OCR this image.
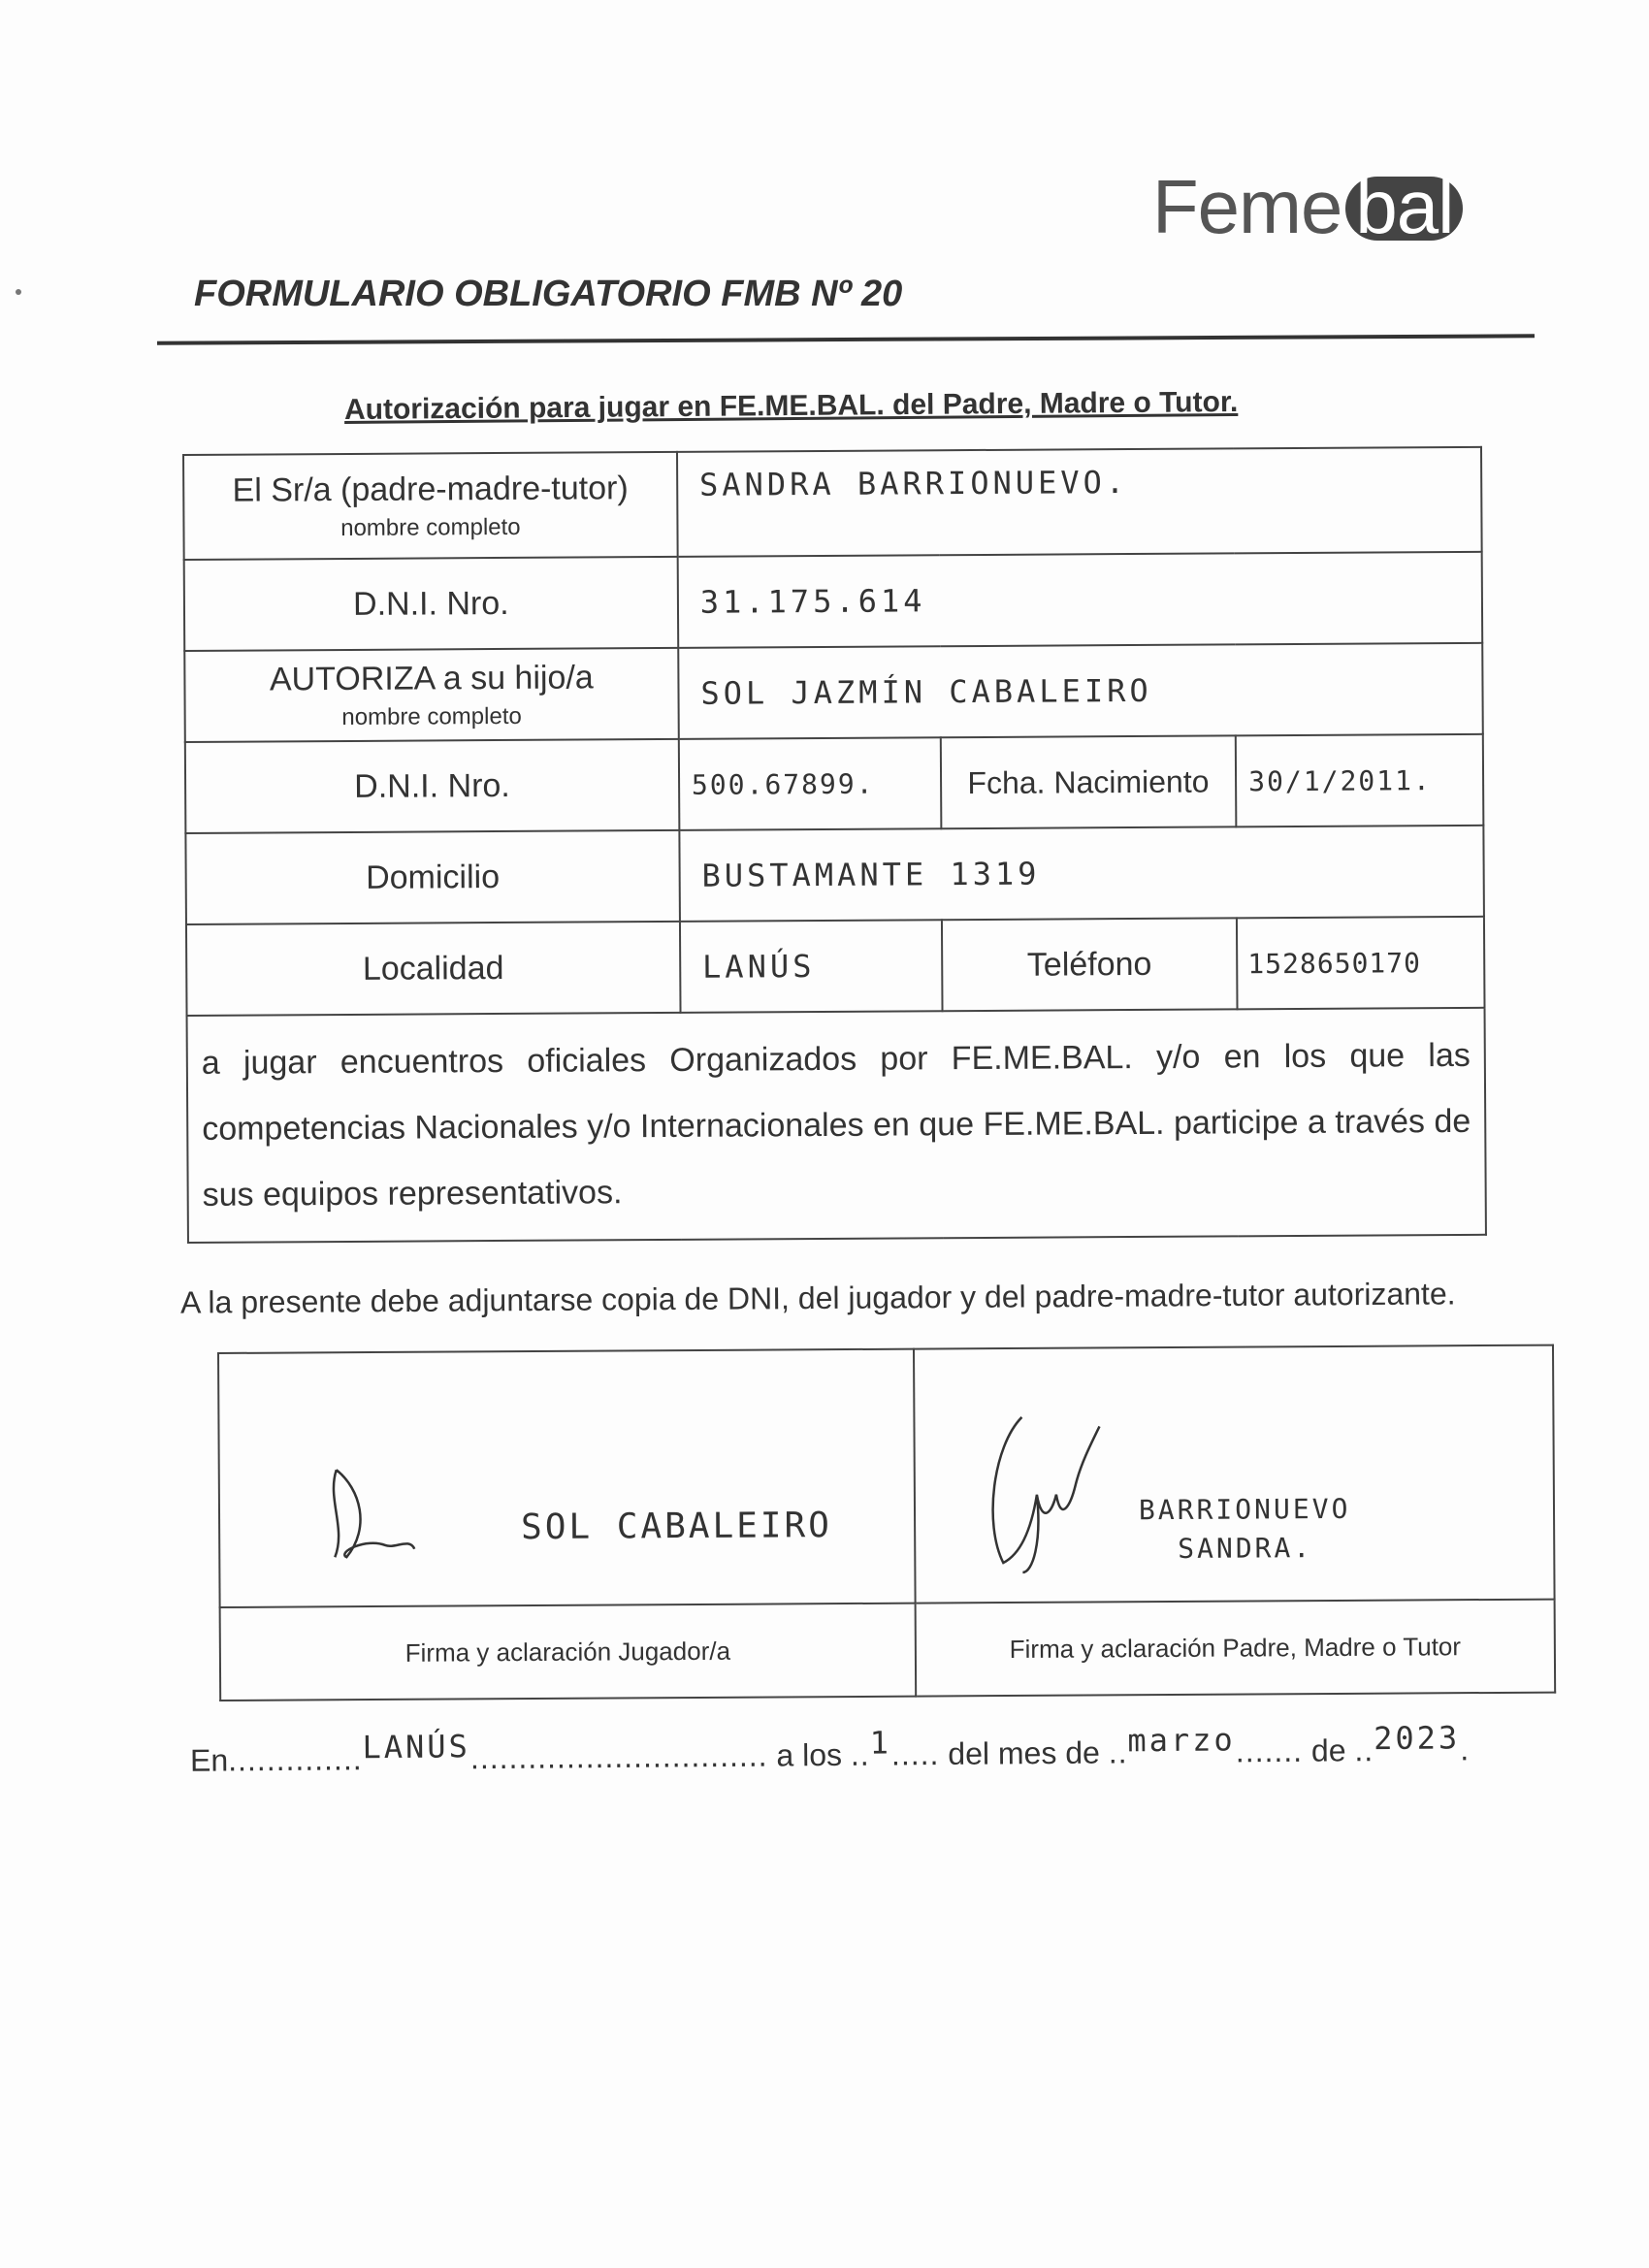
Feme bal
FORMULARIO OBLIGATORIO FMB Nº 20
Autorización para jugar en FE.ME.BAL. del Padre, Madre o Tutor.
El Sr/a (padre-madre-tutor)
nombre completo	SANDRA BARRIONUEVO.		
D.N.I. Nro.	31.175.614		
AUTORIZA a su hijo/a
nombre completo	SOL JAZMÍN CABALEIRO		
D.N.I. Nro.	500.67899.	Fcha. Nacimiento	30/1/2011.
Domicilio	BUSTAMANTE 1319		
Localidad	LANÚS	Teléfono	1528650170
a jugar encuentros oficiales Organizados por FE.ME.BAL. y/o en los que las competencias Nacionales y/o Internacionales en que FE.ME.BAL. participe a través de sus equipos representativos.			
A la presente debe adjuntarse copia de DNI, del jugador y del padre-madre-tutor autorizante.
SOL CABALEIRO	BARRIONUEVO
SANDRA.

Firma y aclaración Jugador/a	Firma y aclaración Padre, Madre o Tutor
En..............LANÚS............................... a los ..1..... del mes de ..marzo....... de ..2023.
